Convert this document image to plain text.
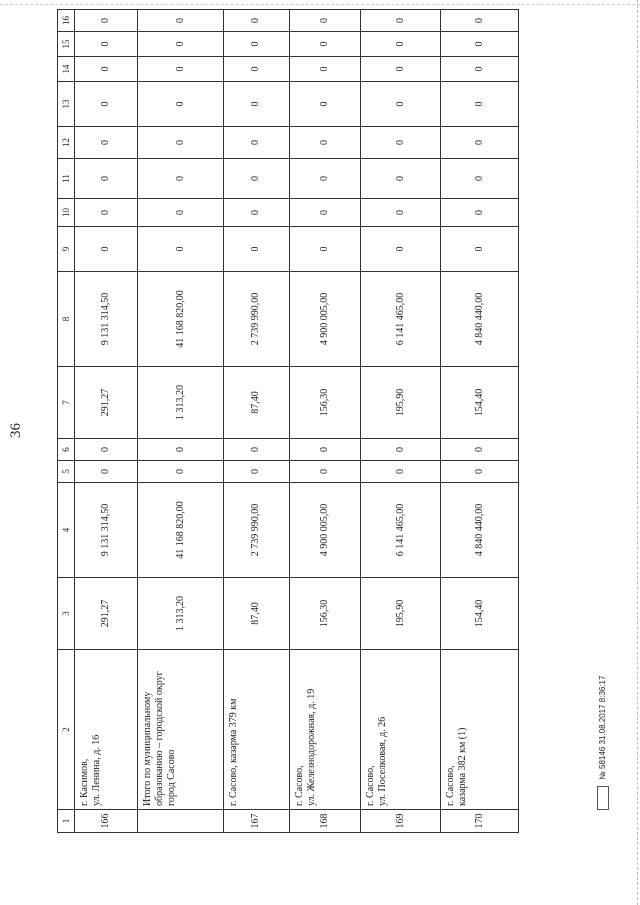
36
1	2	3	4	5	6	7	8	9	10	11	12	13	14	15	16
166	г. Касимов,
ул. Ленина, д. 16	291,27	9 131 314,50	0	0	291,27	9 131 314,50	0	0	0	0	0	0	0	0
	Итого по муниципальному образованию – городской округ город Сасово	1 313,20	41 168 820,00	0	0	1 313,20	41 168 820,00	0	0	0	0	0	0	0	0
167	г. Сасово, казарма 379 км	87,40	2 739 990,00	0	0	87,40	2 739 990,00	0	0	0	0	0	0	0	0
168	г. Сасово,
ул. Железнодорожная, д. 19	156,30	4 900 005,00	0	0	156,30	4 900 005,00	0	0	0	0	0	0	0	0
169	г. Сасово,
ул. Поселковая, д. 26	195,90	6 141 465,00	0	0	195,90	6 141 465,00	0	0	0	0	0	0	0	0
170	г. Сасово,
казарма 382 км (1)	154,40	4 840 440,00	0	0	154,40	4 840 440,00	0	0	0	0	0	0	0	0
№ 58146 31.08.2017 8:36:17
